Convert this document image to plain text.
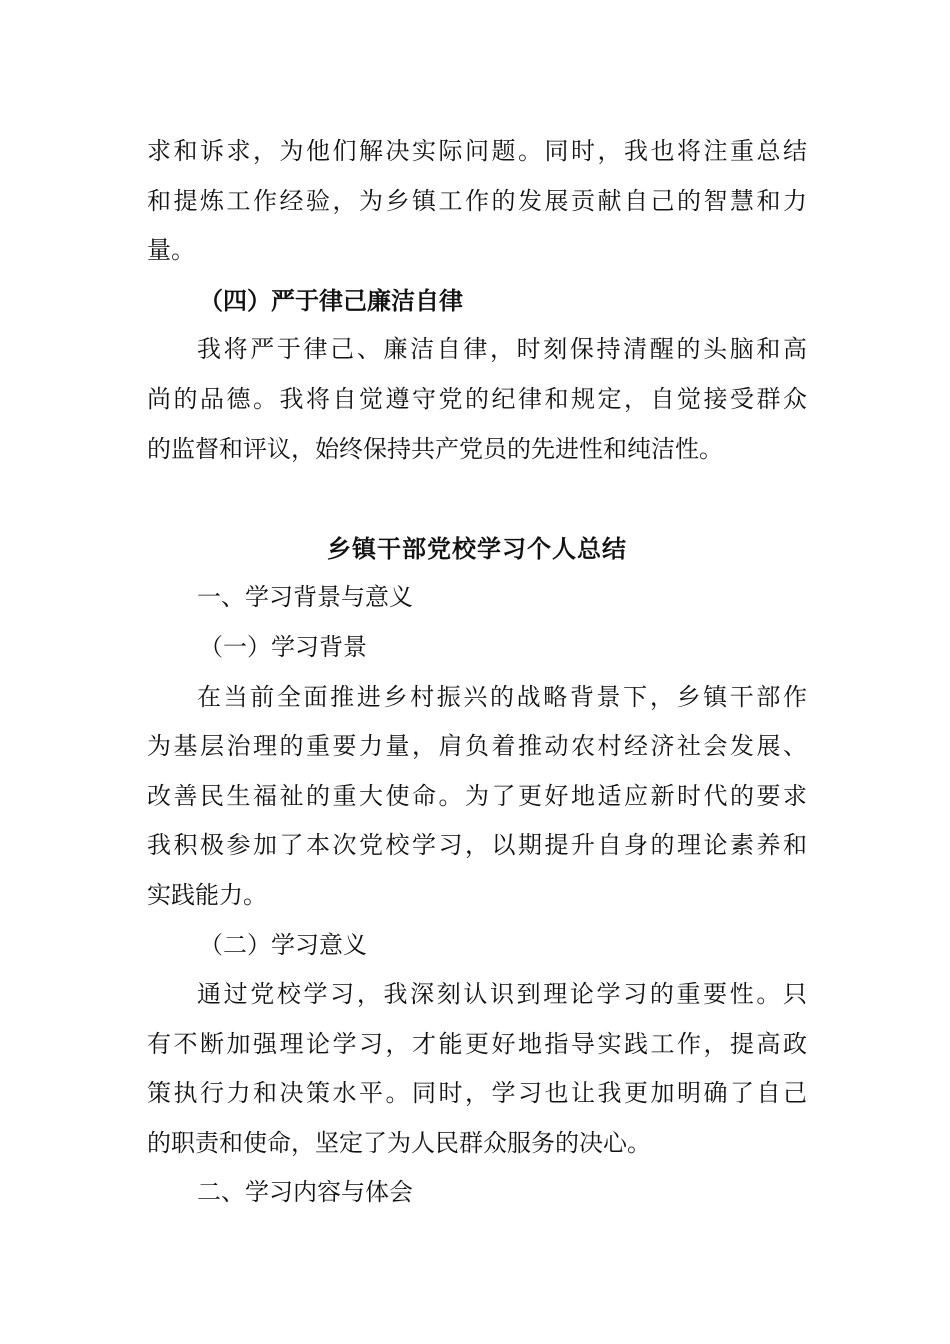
求和诉求，为他们解决实际问题。同时，我也将注重总结
和提炼工作经验，为乡镇工作的发展贡献自己的智慧和力
量。
（四）严于律己廉洁自律
我将严于律己、廉洁自律，时刻保持清醒的头脑和高
尚的品德。我将自觉遵守党的纪律和规定，自觉接受群众
的监督和评议，始终保持共产党员的先进性和纯洁性。
乡镇干部党校学习个人总结
一、学习背景与意义
（一）学习背景
在当前全面推进乡村振兴的战略背景下，乡镇干部作
为基层治理的重要力量，肩负着推动农村经济社会发展、
改善民生福祉的重大使命。为了更好地适应新时代的要求
我积极参加了本次党校学习，以期提升自身的理论素养和
实践能力。
（二）学习意义
通过党校学习，我深刻认识到理论学习的重要性。只
有不断加强理论学习，才能更好地指导实践工作，提高政
策执行力和决策水平。同时，学习也让我更加明确了自己
的职责和使命，坚定了为人民群众服务的决心。
二、学习内容与体会
